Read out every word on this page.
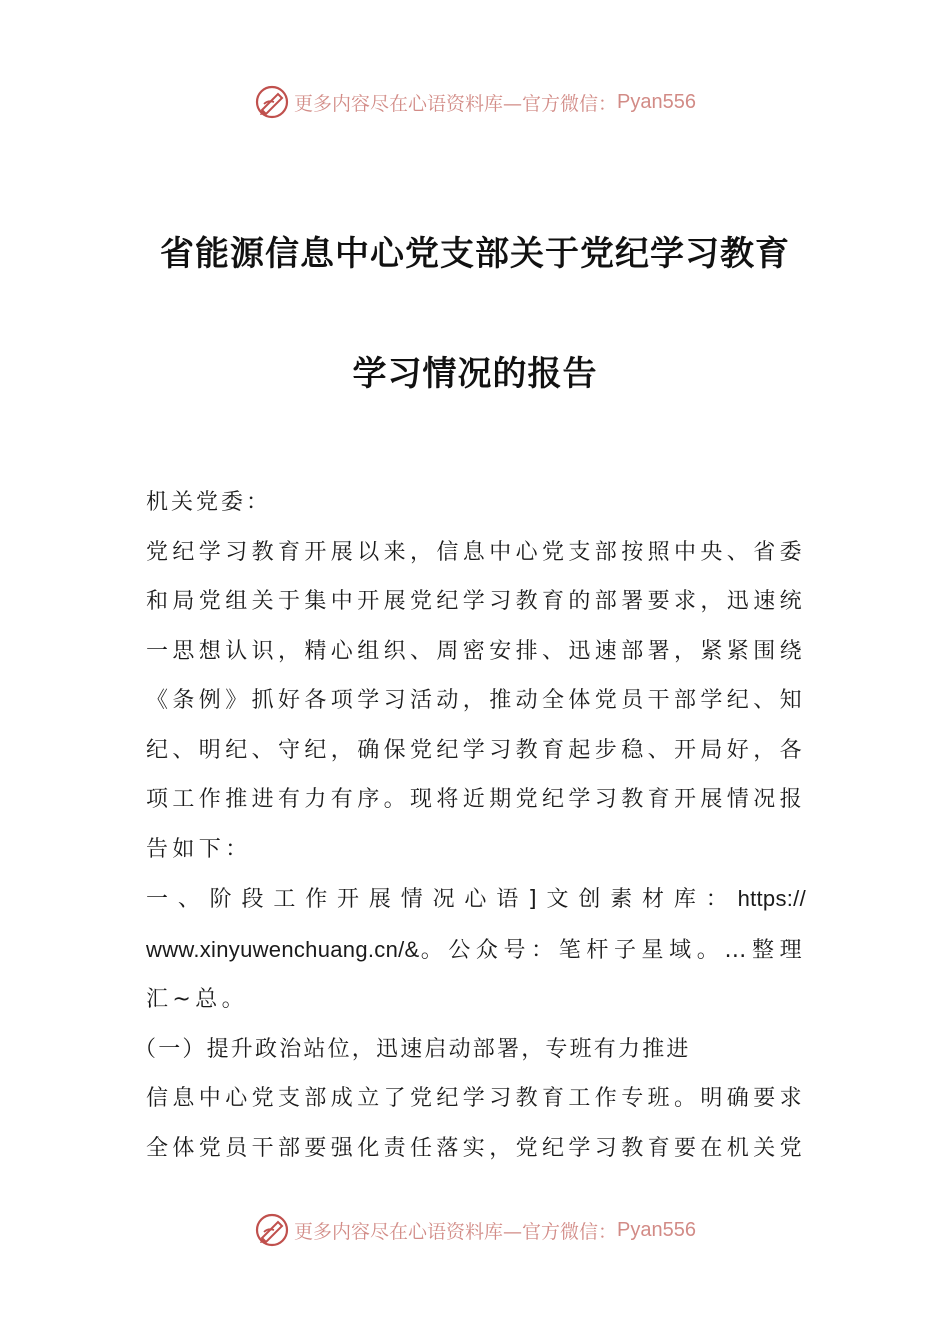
更多内容尽在心语资料库—官方微信： Pyan556
省能源信息中心党支部关于党纪学习教育
学习情况的报告

机关党委：

党纪学习教育开展以来，信息中心党支部按照中央、省委和局党组关于集中开展党纪学习教育的部署要求，迅速统一思想认识，精心组织、周密安排、迅速部署，紧紧围绕《条例》抓好各项学习活动，推动全体党员干部学纪、知纪、明纪、守纪，确保党纪学习教育起步稳、开局好，各项工作推进有力有序。现将近期党纪学习教育开展情况报告如下：

一、阶段工作开展情况心语]文创素材库：https://

www.xinyuwenchuang.cn/&。公众号：笔杆子星域。…整理

汇~总。

（一）提升政治站位，迅速启动部署，专班有力推进

信息中心党支部成立了党纪学习教育工作专班。明确要求全体党员干部要强化责任落实，党纪学习教育要在机关党

更多内容尽在心语资料库—官方微信： Pyan556
